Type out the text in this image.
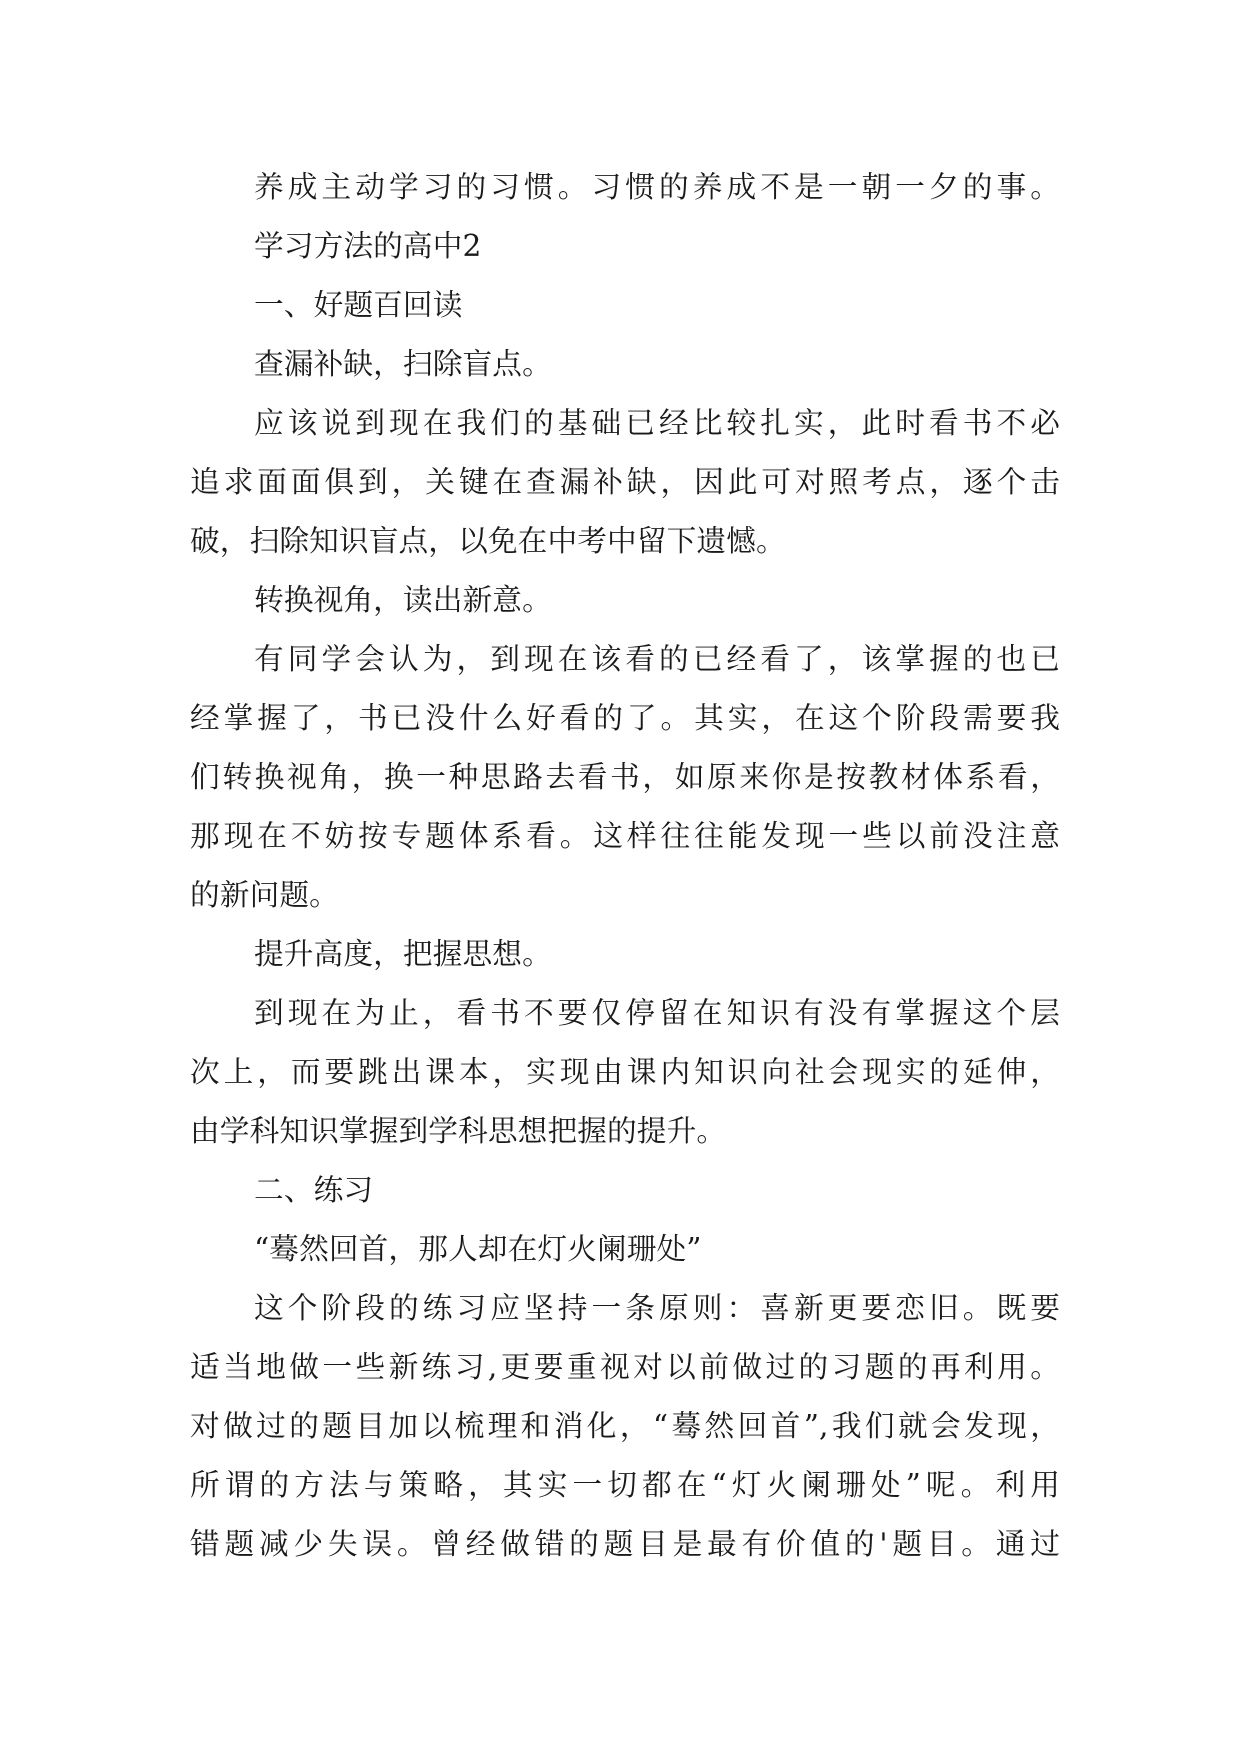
养成主动学习的习惯。习惯的养成不是一朝一夕的事。
学习方法的高中2
一、好题百回读
查漏补缺，扫除盲点。
应该说到现在我们的基础已经比较扎实，此时看书不必
追求面面俱到，关键在查漏补缺，因此可对照考点，逐个击
破，扫除知识盲点，以免在中考中留下遗憾。
转换视角，读出新意。
有同学会认为，到现在该看的已经看了，该掌握的也已
经掌握了，书已没什么好看的了。其实，在这个阶段需要我
们转换视角，换一种思路去看书，如原来你是按教材体系看，
那现在不妨按专题体系看。这样往往能发现一些以前没注意
的新问题。
提升高度，把握思想。
到现在为止，看书不要仅停留在知识有没有掌握这个层
次上，而要跳出课本，实现由课内知识向社会现实的延伸，
由学科知识掌握到学科思想把握的提升。
二、练习
“蓦然回首，那人却在灯火阑珊处”
这个阶段的练习应坚持一条原则：喜新更要恋旧。既要
适当地做一些新练习,更要重视对以前做过的习题的再利用。
对做过的题目加以梳理和消化，“蓦然回首”,我们就会发现，
所谓的方法与策略，其实一切都在“灯火阑珊处”呢。利用
错题减少失误。曾经做错的题目是最有价值的'题目。通过
